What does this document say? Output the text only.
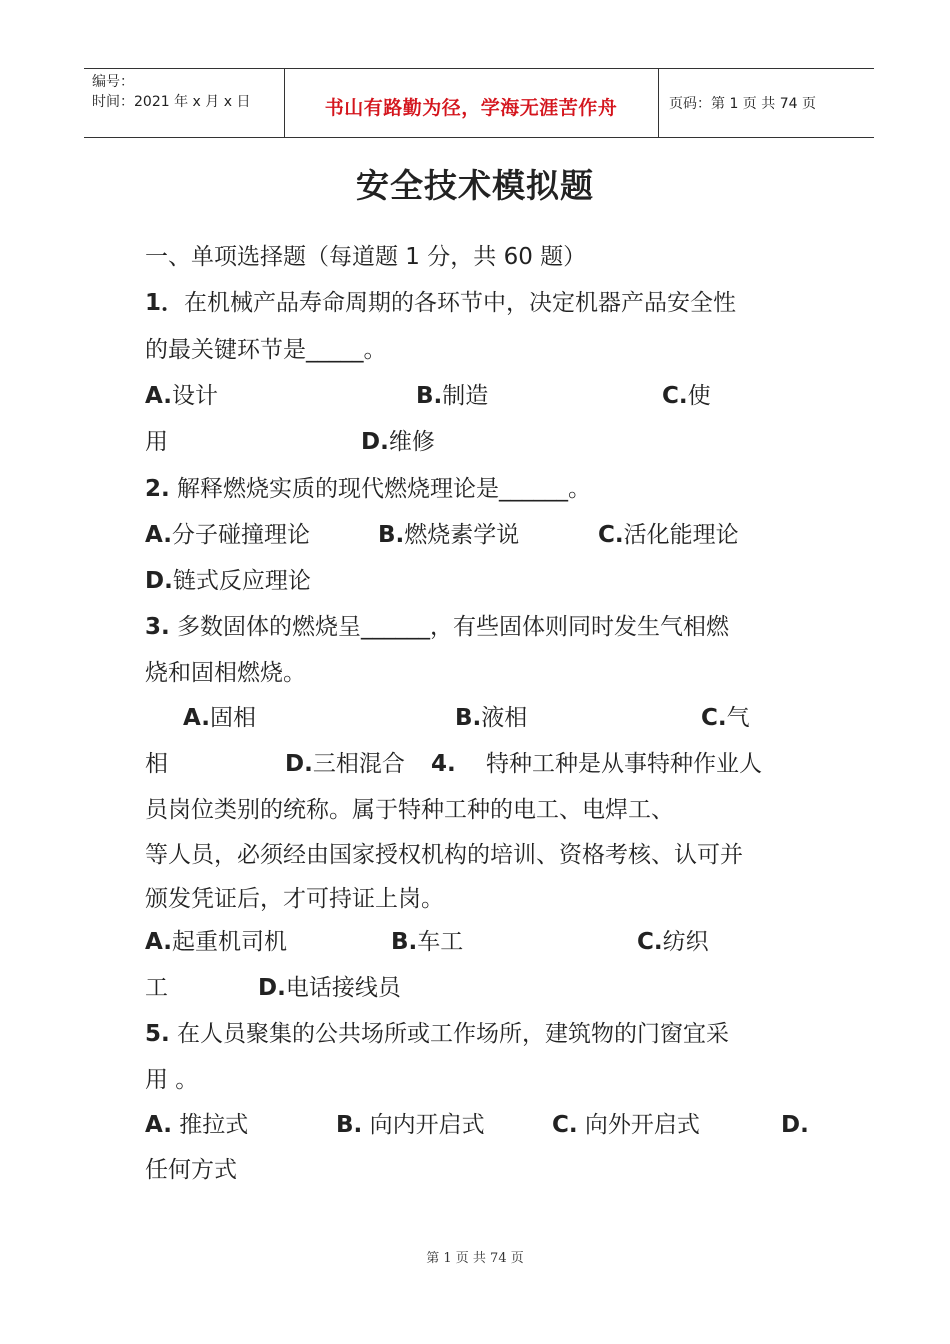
编号：
时间：2021 年 x 月 x 日	书山有路勤为径，学海无涯苦作舟	页码：第 1 页 共 74 页
安全技术模拟题
一、单项选择题（每道题 1 分，共 60 题）
1．在机械产品寿命周期的各环节中，决定机器产品安全性
的最关键环节是_____。
A.设计	B.制造	C.使
用	D.维修
2. 解释燃烧实质的现代燃烧理论是______。
A.分子碰撞理论	B.燃烧素学说	C.活化能理论
D.链式反应理论
3. 多数固体的燃烧呈______，有些固体则同时发生气相燃
烧和固相燃烧。
A.固相	B.液相	C.气
相	D.三相混合 4. 特种工种是从事特种作业人
员岗位类别的统称。属于特种工种的电工、电焊工、
等人员，必须经由国家授权机构的培训、资格考核、认可并
颁发凭证后，才可持证上岗。
A.起重机司机	B.车工	C.纺织
工	D.电话接线员
5. 在人员聚集的公共场所或工作场所，建筑物的门窗宜采
用 。
A. 推拉式	B. 向内开启式	C. 向外开启式	D.
任何方式
第 1 页 共 74 页
